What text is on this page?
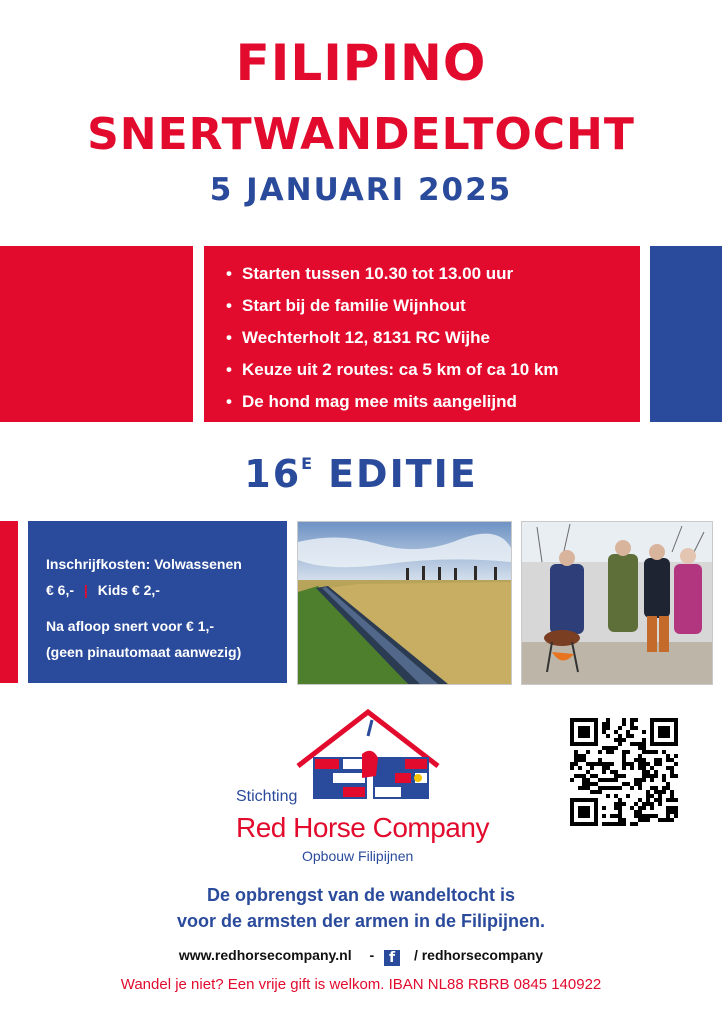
FILIPINO
SNERTWANDELTOCHT
5 JANUARI 2025
• Starten tussen 10.30 tot 13.00 uur
• Start bij de familie Wijnhout
• Wechterholt 12, 8131 RC Wijhe
• Keuze uit 2 routes: ca 5 km of ca 10 km
• De hond mag mee mits aangelijnd
$16^E$ EDITIE
Inschrijfkosten: Volwassenen
€ 6,- | Kids € 2,-
Na afloop snert voor € 1,-
(geen pinautomaat aanwezig)
Stichting
Red Horse Company
Opbouw Filipijnen
De opbrengst van de wandeltocht is
voor de armsten der armen in de Filipijnen.
www.redhorsecompany.nl - f / redhorsecompany
Wandel je niet? Een vrije gift is welkom. IBAN NL88 RBRB 0845 140922
